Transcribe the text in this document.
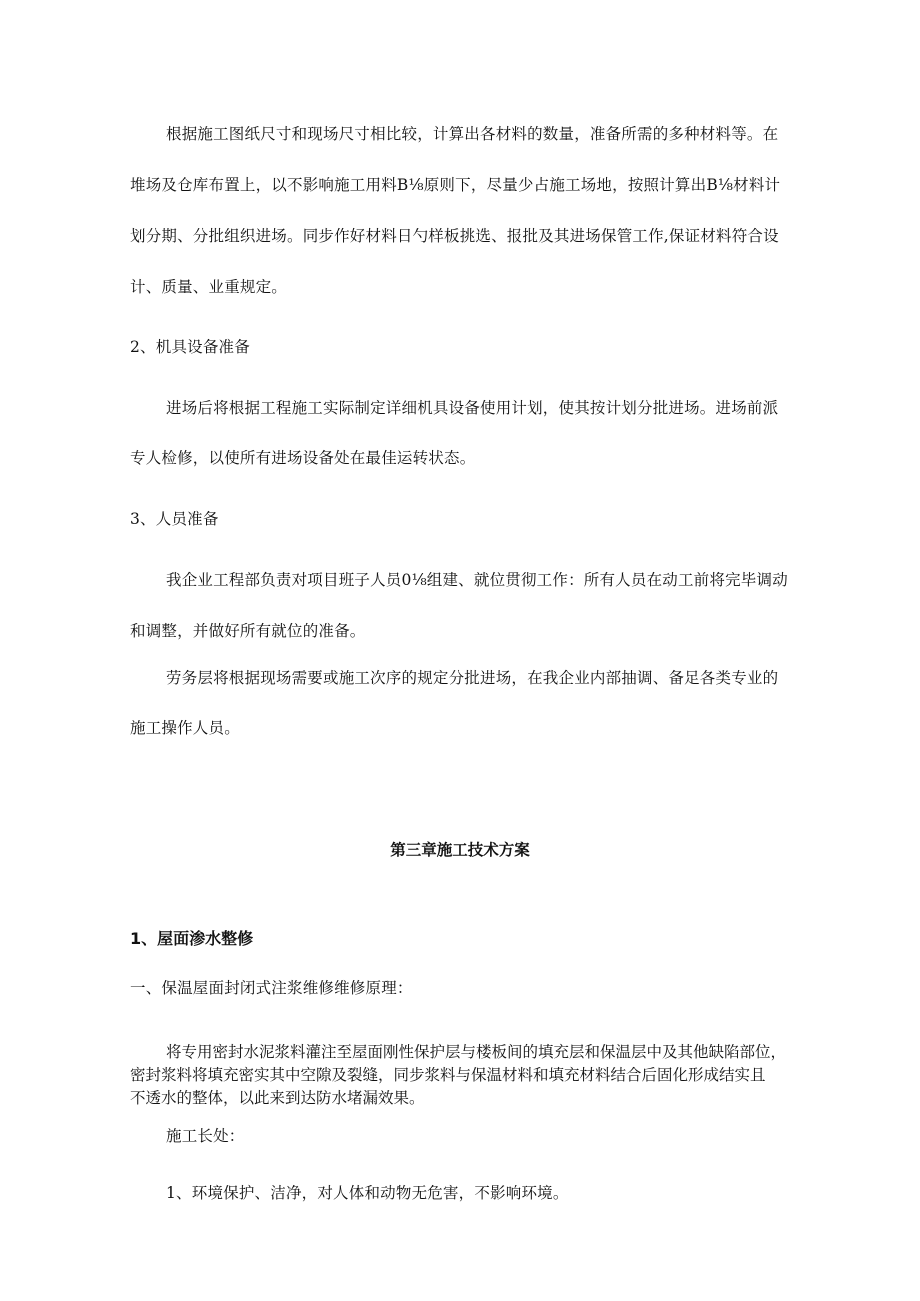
根据施工图纸尺寸和现场尺寸相比较，计算出各材料的数量，准备所需的多种材料等。在
堆场及仓库布置上，以不影响施工用料B⅛原则下，尽量少占施工场地，按照计算出B⅛材料计
划分期、分批组织进场。同步作好材料日勺样板挑选、报批及其进场保管工作,保证材料符合设
计、质量、业重规定。
2、机具设备准备
进场后将根据工程施工实际制定详细机具设备使用计划，使其按计划分批进场。进场前派
专人检修，以使所有进场设备处在最佳运转状态。
3、人员准备
我企业工程部负责对项目班子人员0⅛组建、就位贯彻工作：所有人员在动工前将完毕调动
和调整，并做好所有就位的准备。
劳务层将根据现场需要或施工次序的规定分批进场，在我企业内部抽调、备足各类专业的
施工操作人员。
第三章施工技术方案
1、屋面渗水整修
一、保温屋面封闭式注浆维修维修原理：
将专用密封水泥浆料灌注至屋面刚性保护层与楼板间的填充层和保温层中及其他缺陷部位，
密封浆料将填充密实其中空隙及裂缝，同步浆料与保温材料和填充材料结合后固化形成结实且
不透水的整体，以此来到达防水堵漏效果。
施工长处：
1、环境保护、洁净，对人体和动物无危害，不影响环境。
